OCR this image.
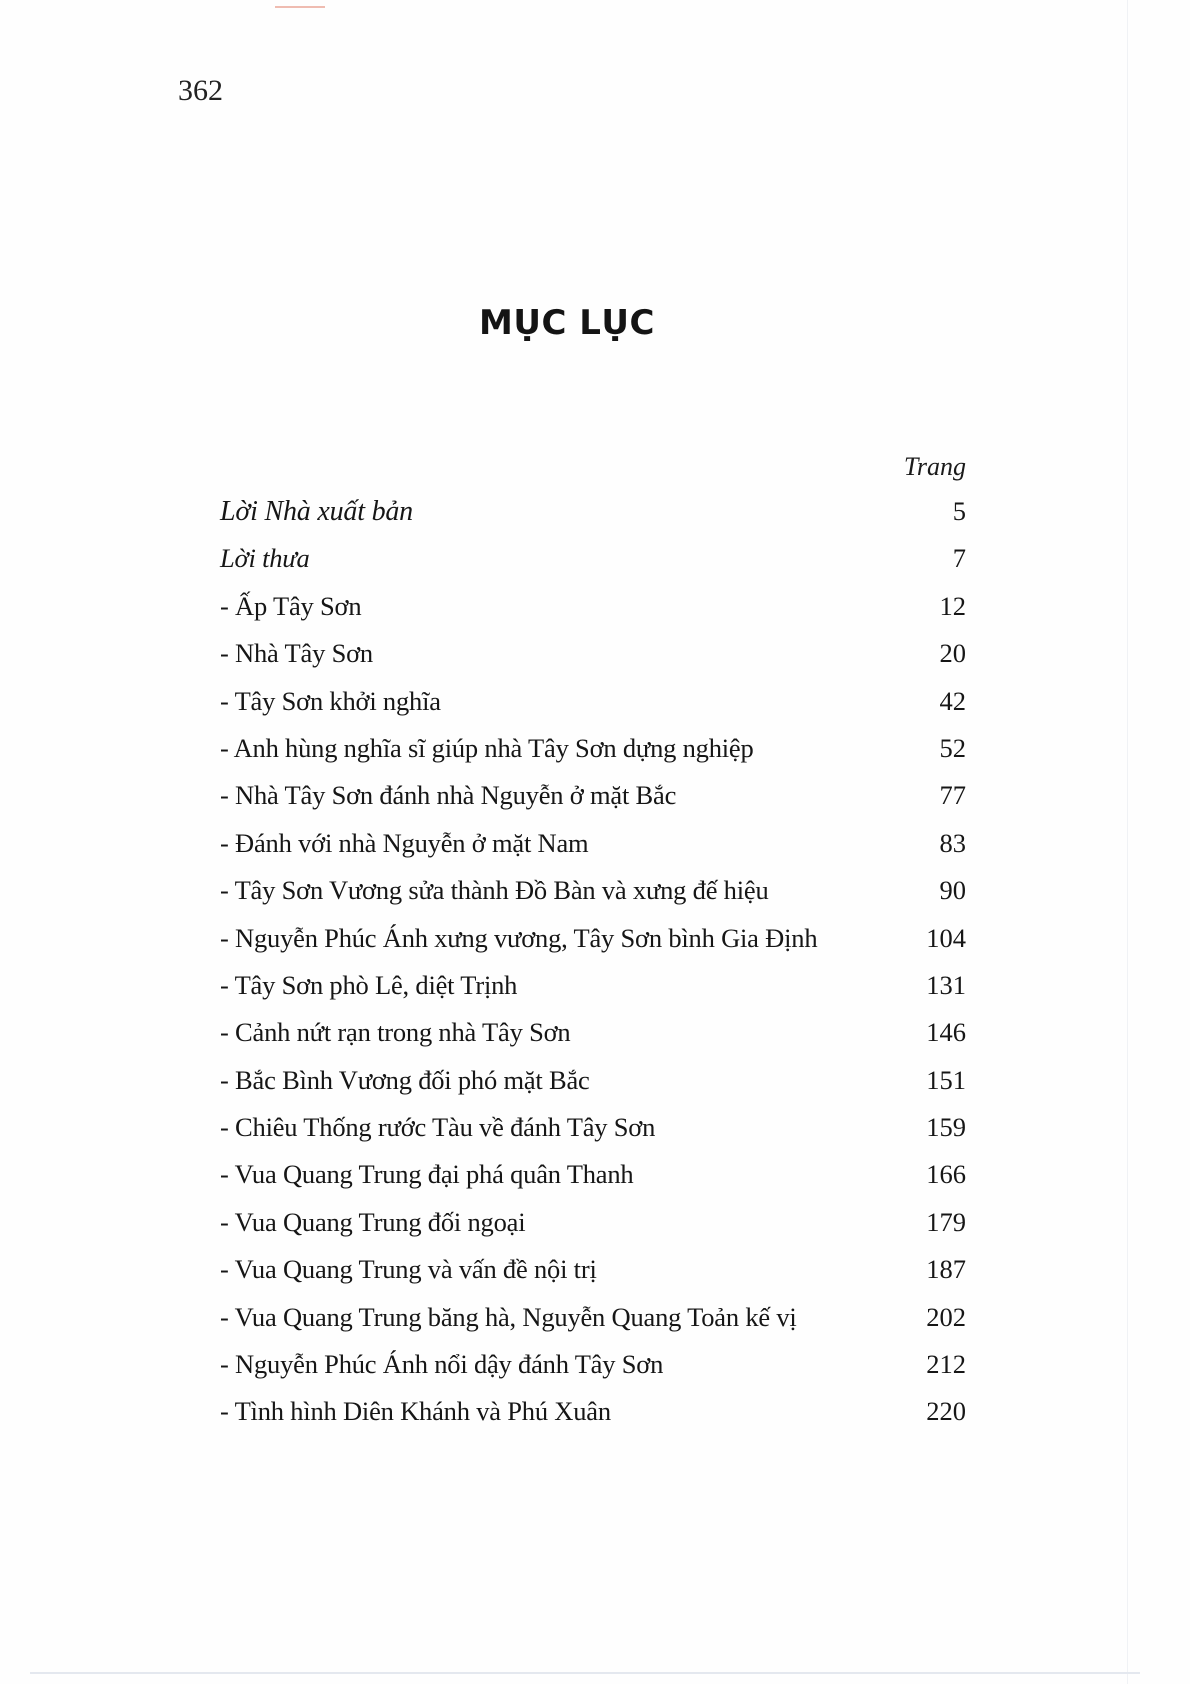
362
MỤC LỤC
Trang
Lời Nhà xuất bản	5
Lời thưa	7
- Ấp Tây Sơn	12
- Nhà Tây Sơn	20
- Tây Sơn khởi nghĩa	42
- Anh hùng nghĩa sĩ giúp nhà Tây Sơn dựng nghiệp	52
- Nhà Tây Sơn đánh nhà Nguyễn ở mặt Bắc	77
- Đánh với nhà Nguyễn ở mặt Nam	83
- Tây Sơn Vương sửa thành Đồ Bàn và xưng đế hiệu	90
- Nguyễn Phúc Ánh xưng vương, Tây Sơn bình Gia Định	104
- Tây Sơn phò Lê, diệt Trịnh	131
- Cảnh nứt rạn trong nhà Tây Sơn	146
- Bắc Bình Vương đối phó mặt Bắc	151
- Chiêu Thống rước Tàu về đánh Tây Sơn	159
- Vua Quang Trung đại phá quân Thanh	166
- Vua Quang Trung đối ngoại	179
- Vua Quang Trung và vấn đề nội trị	187
- Vua Quang Trung băng hà, Nguyễn Quang Toản kế vị	202
- Nguyễn Phúc Ánh nổi dậy đánh Tây Sơn	212
- Tình hình Diên Khánh và Phú Xuân	220
